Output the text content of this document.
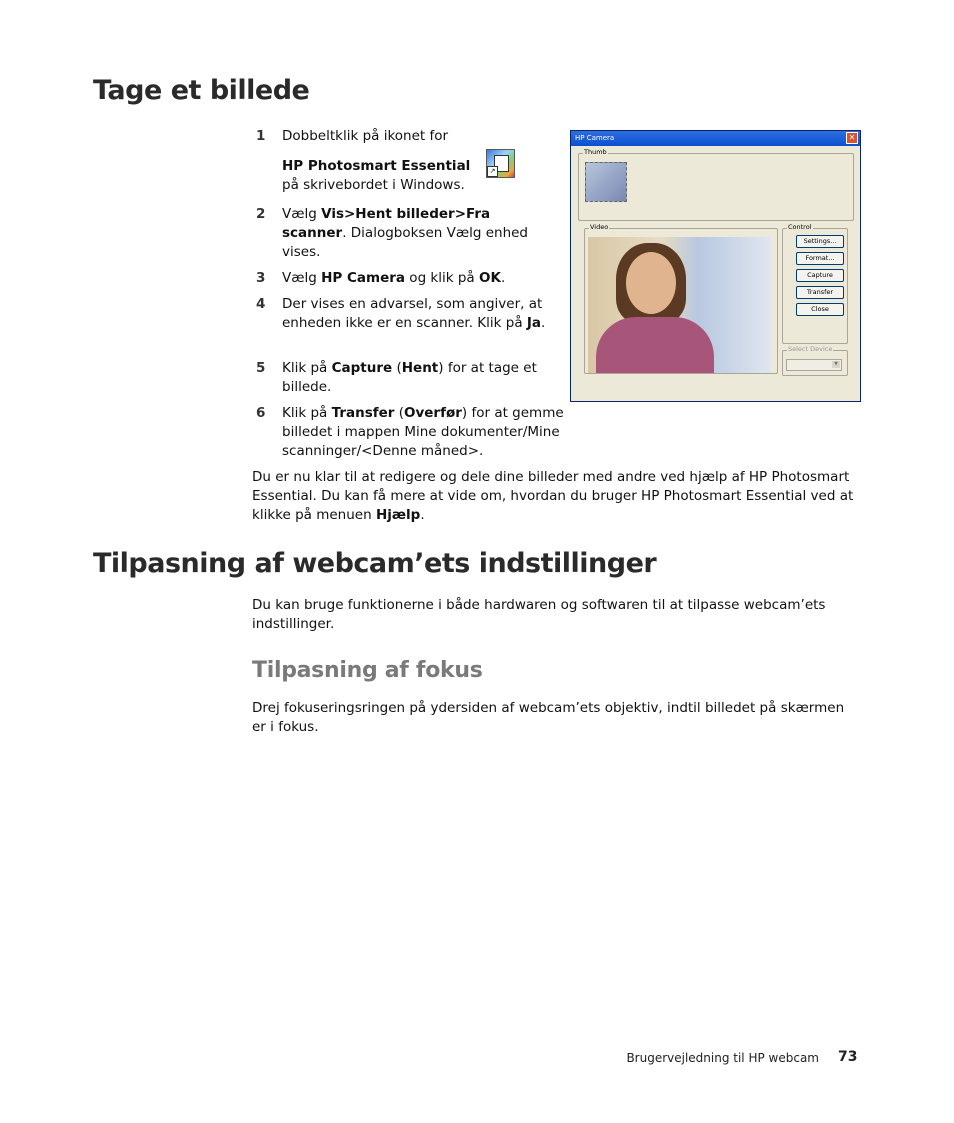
Tage et billede
1 Dobbeltklik på ikonet for
HP Photosmart Essential
på skrivebordet i Windows.
↗
2 Vælg Vis>Hent billeder>Fra scanner. Dialogboksen Vælg enhed vises.
3 Vælg HP Camera og klik på OK.
4 Der vises en advarsel, som angiver, at enheden ikke er en scanner. Klik på Ja.
5 Klik på Capture (Hent) for at tage et billede.
6 Klik på Transfer (Overfør) for at gemme billedet i mappen Mine dokumenter/Mine scanninger/<Denne måned>.

Du er nu klar til at redigere og dele dine billeder med andre ved hjælp af HP Photosmart Essential. Du kan få mere at vide om, hvordan du bruger HP Photosmart Essential ved at klikke på menuen Hjælp.

Tilpasning af webcam’ets indstillinger

Du kan bruge funktionerne i både hardwaren og softwaren til at tilpasse webcam’ets indstillinger.

Tilpasning af fokus

Drej fokuseringsringen på ydersiden af webcam’ets objektiv, indtil billedet på skærmen er i fokus.

HP Camera	✕
Thumb
Video	Control
Settings...
Format...
Capture
Transfer
Close
Select Device
▼
Brugervejledning til HP webcam 73
